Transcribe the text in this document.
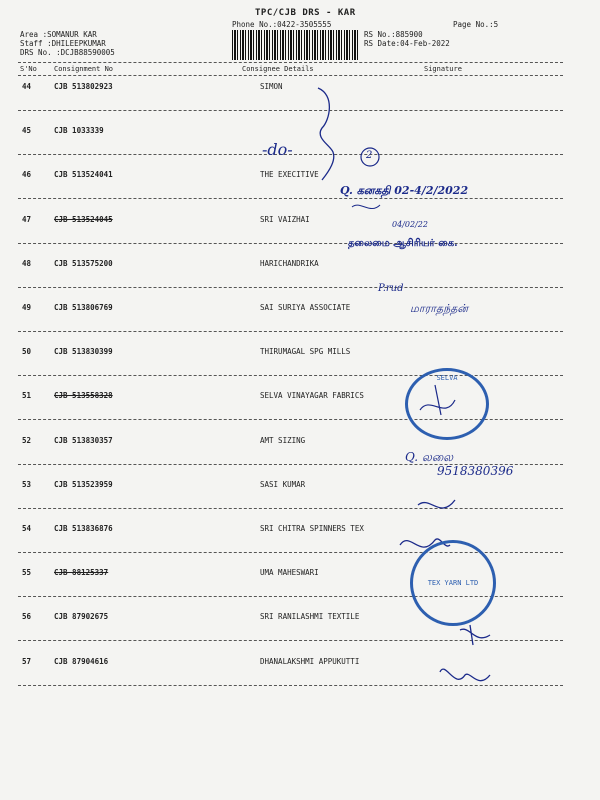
TPC/CJB DRS - KAR
Phone No.:0422-3505555	Page No.:5
Area :SOMANUR KAR
Staff :DHILEEPKUMAR
DRS No. :DCJB88590005
RS No.:885900
RS Date:04-Feb-2022
S'No Consignment No	Consignee Details	Signature
44	CJB 513802923	SIMON
45	CJB 1033339
46	CJB 513524041	THE EXECITIVE
47	CJB 513524045	SRI VAIZHAI
48	CJB 513575200	HARICHANDRIKA
49	CJB 513806769	SAI SURIYA ASSOCIATE
50	CJB 513830399	THIRUMAGAL SPG MILLS
51	CJB 513558328	SELVA VINAYAGAR FABRICS
52	CJB 513830357	AMT SIZING
53	CJB 513523959	SASI KUMAR
54	CJB 513836876	SRI CHITRA SPINNERS TEX
55	CJB 88125337	UMA MAHESWARI
56	CJB 87902675	SRI RANILASHMI TEXTILE
57	CJB 87904616	DHANALAKSHMI APPUKUTTI
-do-	2
Q. கனகதி 02-4/2/2022
04/02/22
தலைமை ஆசிரியர் கை.
P.rud
மாராதந்தன்
Q. லலை
9518380396
SELVA
TEX YARN LTD
